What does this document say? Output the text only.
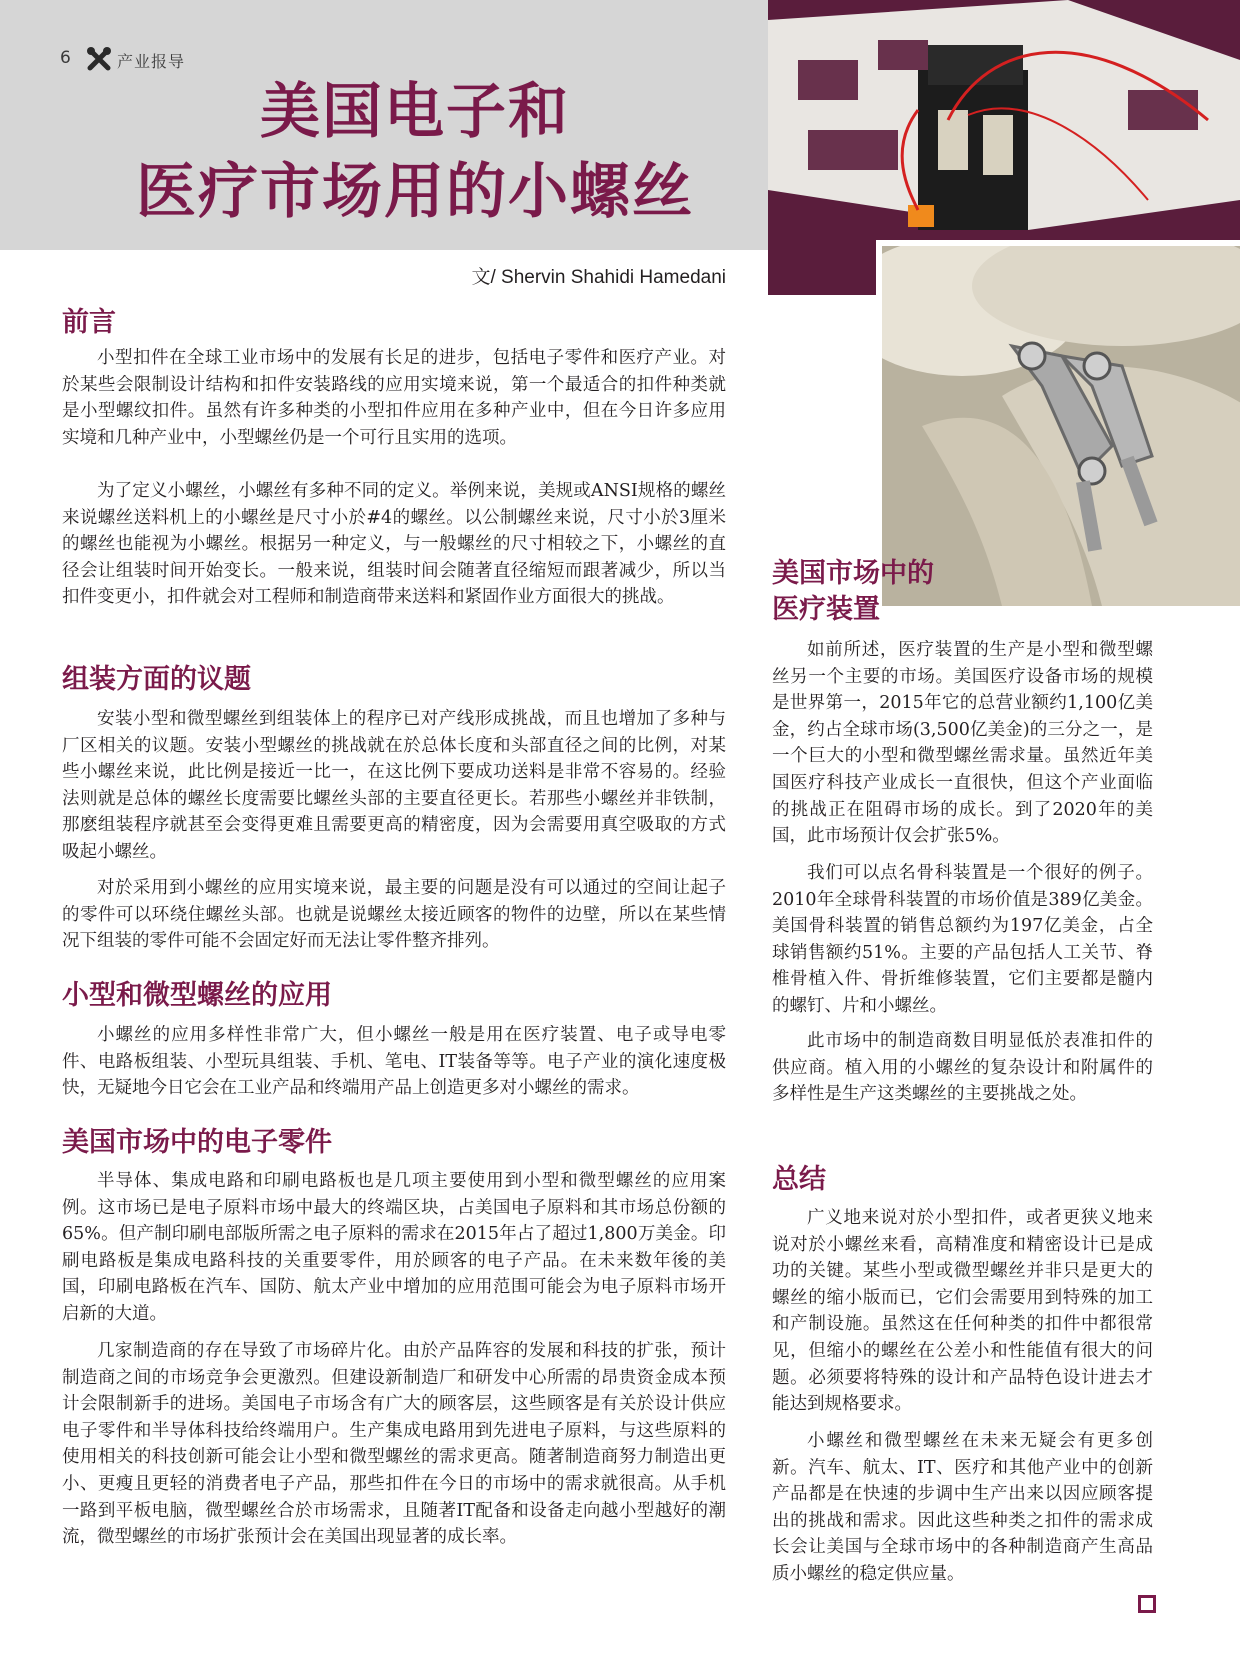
6	产业报导
美国电子和
医疗市场用的小螺丝
文/ Shervin Shahidi Hamedani
前言

小型扣件在全球工业市场中的发展有长足的进步，包括电子零件和医疗产业。对於某些会限制设计结构和扣件安装路线的应用实境来说，第一个最适合的扣件种类就是小型螺纹扣件。虽然有许多种类的小型扣件应用在多种产业中，但在今日许多应用实境和几种产业中，小型螺丝仍是一个可行且实用的选项。

为了定义小螺丝，小螺丝有多种不同的定义。举例来说，美规或ANSI规格的螺丝来说螺丝送料机上的小螺丝是尺寸小於#4的螺丝。以公制螺丝来说，尺寸小於3厘米的螺丝也能视为小螺丝。根据另一种定义，与一般螺丝的尺寸相较之下，小螺丝的直径会让组装时间开始变长。一般来说，组装时间会随著直径缩短而跟著减少，所以当扣件变更小，扣件就会对工程师和制造商带来送料和紧固作业方面很大的挑战。

组装方面的议题

安装小型和微型螺丝到组装体上的程序已对产线形成挑战，而且也增加了多种与厂区相关的议题。安装小型螺丝的挑战就在於总体长度和头部直径之间的比例，对某些小螺丝来说，此比例是接近一比一，在这比例下要成功送料是非常不容易的。经验法则就是总体的螺丝长度需要比螺丝头部的主要直径更长。若那些小螺丝并非铁制，那麽组装程序就甚至会变得更难且需要更高的精密度，因为会需要用真空吸取的方式吸起小螺丝。

对於采用到小螺丝的应用实境来说，最主要的问题是没有可以通过的空间让起子的零件可以环绕住螺丝头部。也就是说螺丝太接近顾客的物件的边壁，所以在某些情况下组装的零件可能不会固定好而无法让零件整齐排列。

小型和微型螺丝的应用

小螺丝的应用多样性非常广大，但小螺丝一般是用在医疗装置、电子或导电零件、电路板组装、小型玩具组装、手机、笔电、IT装备等等。电子产业的演化速度极快，无疑地今日它会在工业产品和终端用产品上创造更多对小螺丝的需求。

美国市场中的电子零件

半导体、集成电路和印刷电路板也是几项主要使用到小型和微型螺丝的应用案例。这市场已是电子原料市场中最大的终端区块，占美国电子原料和其市场总份额的65%。但产制印刷电部版所需之电子原料的需求在2015年占了超过1,800万美金。印刷电路板是集成电路科技的关重要零件，用於顾客的电子产品。在未来数年後的美国，印刷电路板在汽车、国防、航太产业中增加的应用范围可能会为电子原料市场开启新的大道。

几家制造商的存在导致了市场碎片化。由於产品阵容的发展和科技的扩张，预计制造商之间的市场竞争会更激烈。但建设新制造厂和研发中心所需的昂贵资金成本预计会限制新手的进场。美国电子市场含有广大的顾客层，这些顾客是有关於设计供应电子零件和半导体科技给终端用户。生产集成电路用到先进电子原料，与这些原料的使用相关的科技创新可能会让小型和微型螺丝的需求更高。随著制造商努力制造出更小、更瘦且更轻的消费者电子产品，那些扣件在今日的市场中的需求就很高。从手机一路到平板电脑，微型螺丝合於市场需求，且随著IT配备和设备走向越小型越好的潮流，微型螺丝的市场扩张预计会在美国出现显著的成长率。

美国市场中的
医疗装置

如前所述，医疗装置的生产是小型和微型螺丝另一个主要的市场。美国医疗设备市场的规模是世界第一，2015年它的总营业额约1,100亿美金，约占全球市场(3,500亿美金)的三分之一，是一个巨大的小型和微型螺丝需求量。虽然近年美国医疗科技产业成长一直很快，但这个产业面临的挑战正在阻碍市场的成长。到了2020年的美国，此市场预计仅会扩张5%。

我们可以点名骨科装置是一个很好的例子。2010年全球骨科装置的市场价值是389亿美金。美国骨科装置的销售总额约为197亿美金，占全球销售额约51%。主要的产品包括人工关节、脊椎骨植入件、骨折维修装置，它们主要都是髓内的螺钉、片和小螺丝。

此市场中的制造商数目明显低於表准扣件的供应商。植入用的小螺丝的复杂设计和附属件的多样性是生产这类螺丝的主要挑战之处。

总结

广义地来说对於小型扣件，或者更狭义地来说对於小螺丝来看，高精准度和精密设计已是成功的关键。某些小型或微型螺丝并非只是更大的螺丝的缩小版而已，它们会需要用到特殊的加工和产制设施。虽然这在任何种类的扣件中都很常见，但缩小的螺丝在公差小和性能值有很大的问题。必须要将特殊的设计和产品特色设计进去才能达到规格要求。

小螺丝和微型螺丝在未来无疑会有更多创新。汽车、航太、IT、医疗和其他产业中的创新产品都是在快速的步调中生产出来以因应顾客提出的挑战和需求。因此这些种类之扣件的需求成长会让美国与全球市场中的各种制造商产生高品质小螺丝的稳定供应量。
